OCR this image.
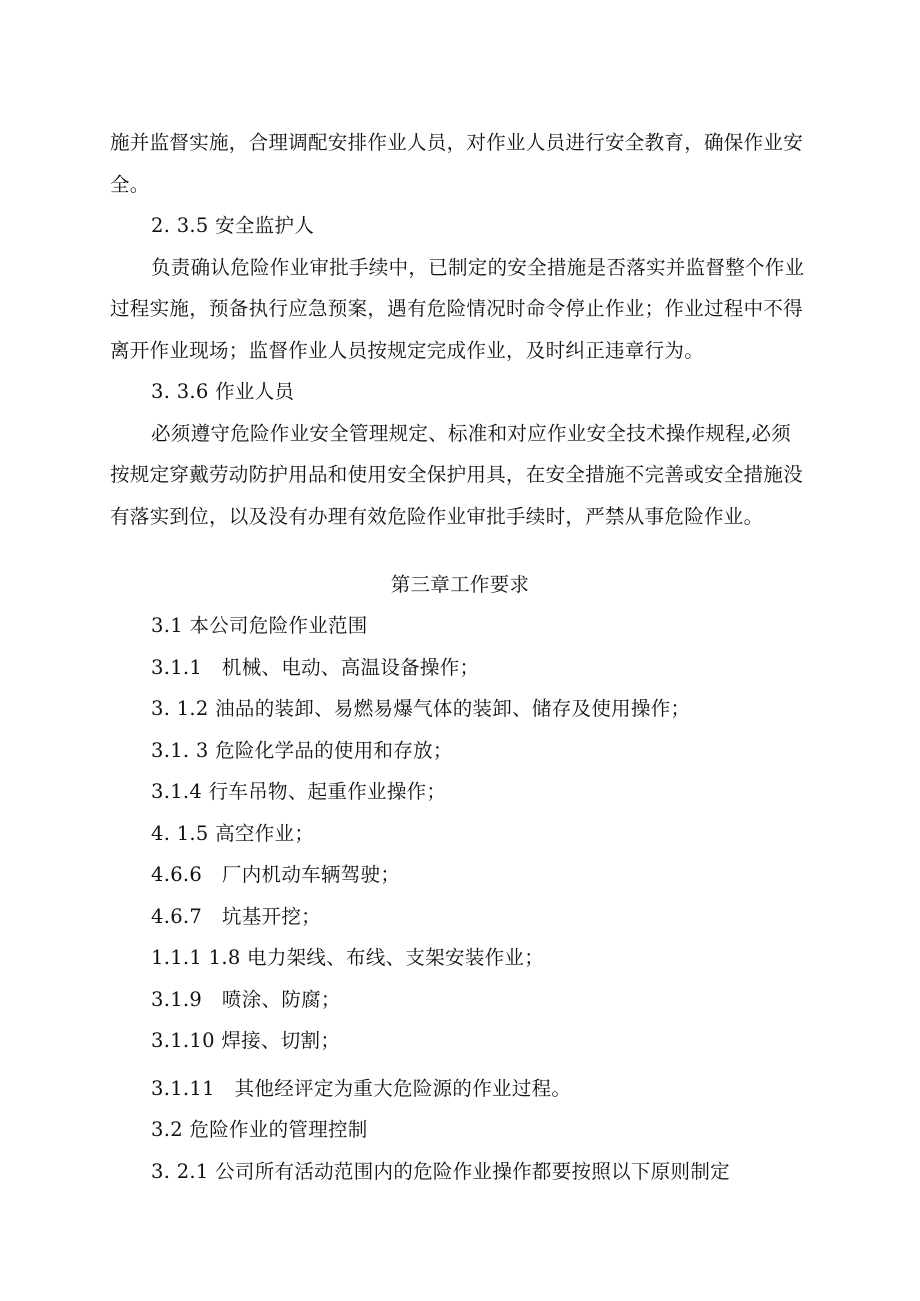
施并监督实施，合理调配安排作业人员，对作业人员进行安全教育，确保作业安
全。
2. 3.5 安全监护人
负责确认危险作业审批手续中，已制定的安全措施是否落实并监督整个作业
过程实施，预备执行应急预案，遇有危险情况时命令停止作业；作业过程中不得
离开作业现场；监督作业人员按规定完成作业，及时纠正违章行为。
3. 3.6 作业人员
必须遵守危险作业安全管理规定、标准和对应作业安全技术操作规程,必须
按规定穿戴劳动防护用品和使用安全保护用具，在安全措施不完善或安全措施没
有落实到位，以及没有办理有效危险作业审批手续时，严禁从事危险作业。
第三章工作要求
3.1 本公司危险作业范围
3.1.1　机械、电动、高温设备操作；
3. 1.2 油品的装卸、易燃易爆气体的装卸、储存及使用操作；
3.1. 3 危险化学品的使用和存放；
3.1.4 行车吊物、起重作业操作；
4. 1.5 高空作业；
4.6.6　厂内机动车辆驾驶；
4.6.7　坑基开挖；
1.1.1 1.8 电力架线、布线、支架安装作业；
3.1.9　喷涂、防腐；
3.1.10 焊接、切割；
3.1.11　其他经评定为重大危险源的作业过程。
3.2 危险作业的管理控制
3. 2.1 公司所有活动范围内的危险作业操作都要按照以下原则制定
